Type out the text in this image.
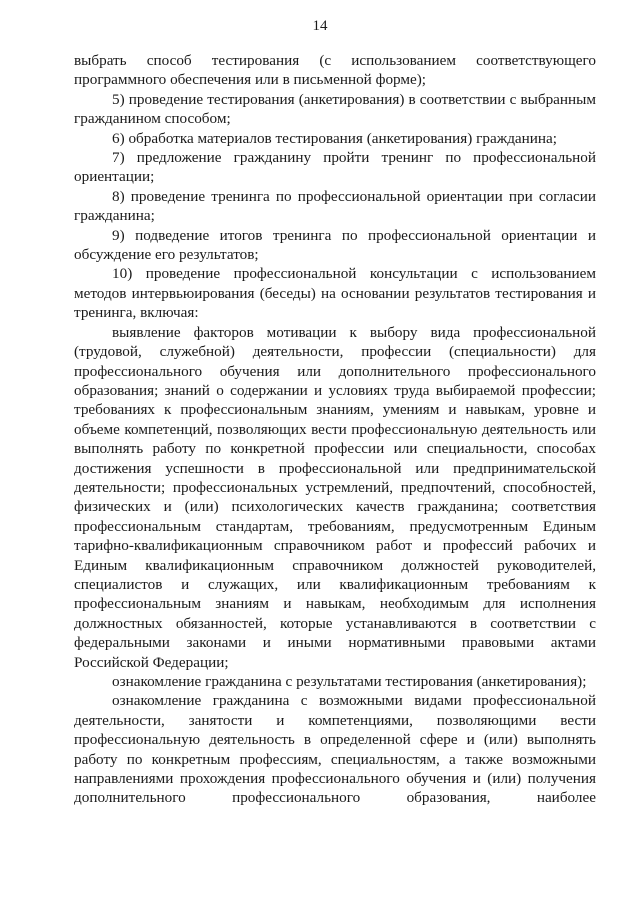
14

выбрать способ тестирования (с использованием соответствующего программного обеспечения или в письменной форме);

5) проведение тестирования (анкетирования) в соответствии с выбранным гражданином способом;

6) обработка материалов тестирования (анкетирования) гражданина;

7) предложение гражданину пройти тренинг по профессиональной ориентации;

8) проведение тренинга по профессиональной ориентации при согласии гражданина;

9) подведение итогов тренинга по профессиональной ориентации и обсуждение его результатов;

10) проведение профессиональной консультации с использованием методов интервьюирования (беседы) на основании результатов тестирования и тренинга, включая:

выявление факторов мотивации к выбору вида профессиональной (трудовой, служебной) деятельности, профессии (специальности) для профессионального обучения или дополнительного профессионального образования; знаний о содержании и условиях труда выбираемой профессии; требованиях к профессиональным знаниям, умениям и навыкам, уровне и объеме компетенций, позволяющих вести профессиональную деятельность или выполнять работу по конкретной профессии или специальности, способах достижения успешности в профессиональной или предпринимательской деятельности; профессиональных устремлений, предпочтений, способностей, физических и (или) психологических качеств гражданина; соответствия профессиональным стандартам, требованиям, предусмотренным Единым тарифно-квалификационным справочником работ и профессий рабочих и Единым квалификационным справочником должностей руководителей, специалистов и служащих, или квалификационным требованиям к профессиональным знаниям и навыкам, необходимым для исполнения должностных обязанностей, которые устанавливаются в соответствии с федеральными законами и иными нормативными правовыми актами Российской Федерации;

ознакомление гражданина с результатами тестирования (анкетирования);

ознакомление гражданина с возможными видами профессиональной деятельности, занятости и компетенциями, позволяющими вести профессиональную деятельность в определенной сфере и (или) выполнять работу по конкретным профессиям, специальностям, а также возможными направлениями прохождения профессионального обучения и (или) получения дополнительного профессионального образования, наиболее
